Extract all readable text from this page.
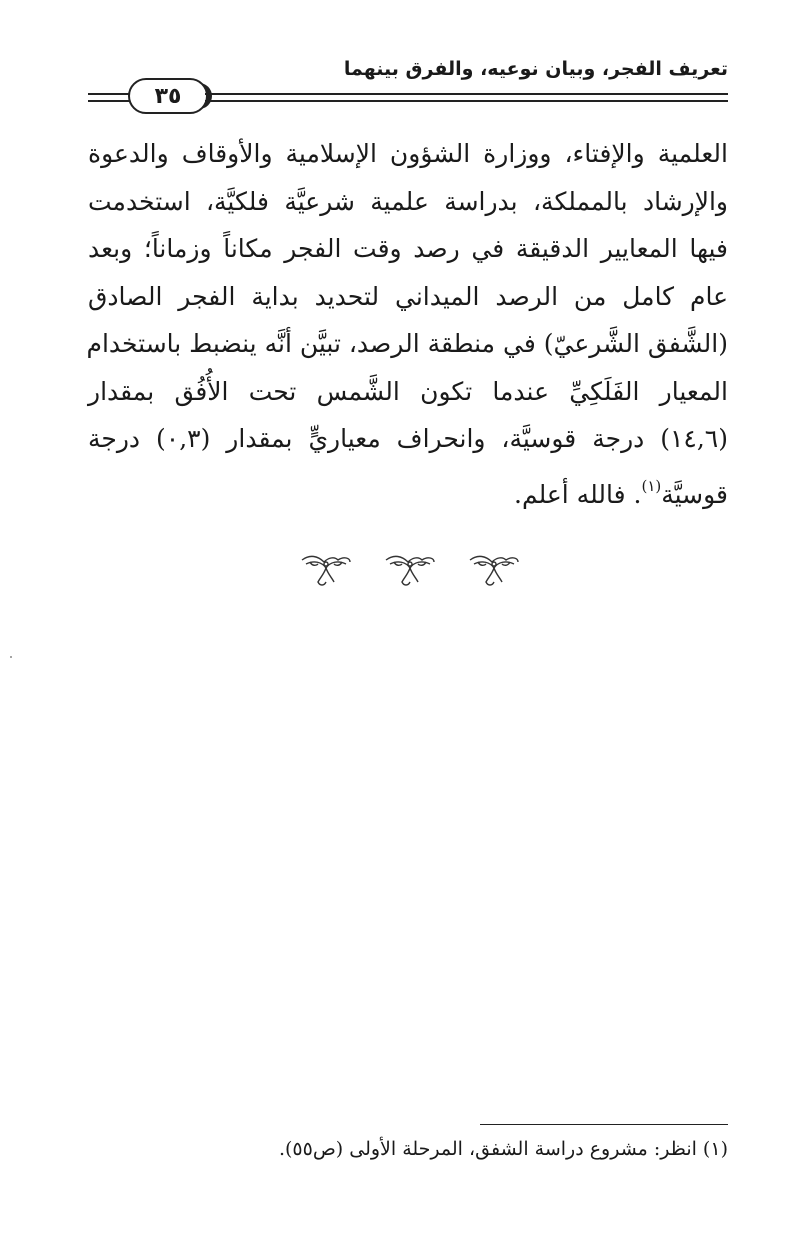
تعريف الفجر، وبيان نوعيه، والفرق بينهما
٣٥
العلمية والإفتاء، ووزارة الشؤون الإسلامية والأوقاف والدعوة
والإرشاد بالمملكة، بدراسة علمية شرعيَّة فلكيَّة، استخدمت
فيها المعايير الدقيقة في رصد وقت الفجر مكاناً وزماناً؛ وبعد
عام كامل من الرصد الميداني لتحديد بداية الفجر الصادق
(الشَّفق الشَّرعيّ) في منطقة الرصد، تبيَّن أنَّه ينضبط باستخدام
المعيار الفَلَكِيِّ عندما تكون الشَّمس تحت الأُفُق بمقدار
(١٤,٦) درجة قوسيَّة، وانحراف معياريٍّ بمقدار (٠,٣) درجة
قوسيَّة$^{(١)}$. فالله أعلم.
(١) انظر: مشروع دراسة الشفق، المرحلة الأولى (ص٥٥).
